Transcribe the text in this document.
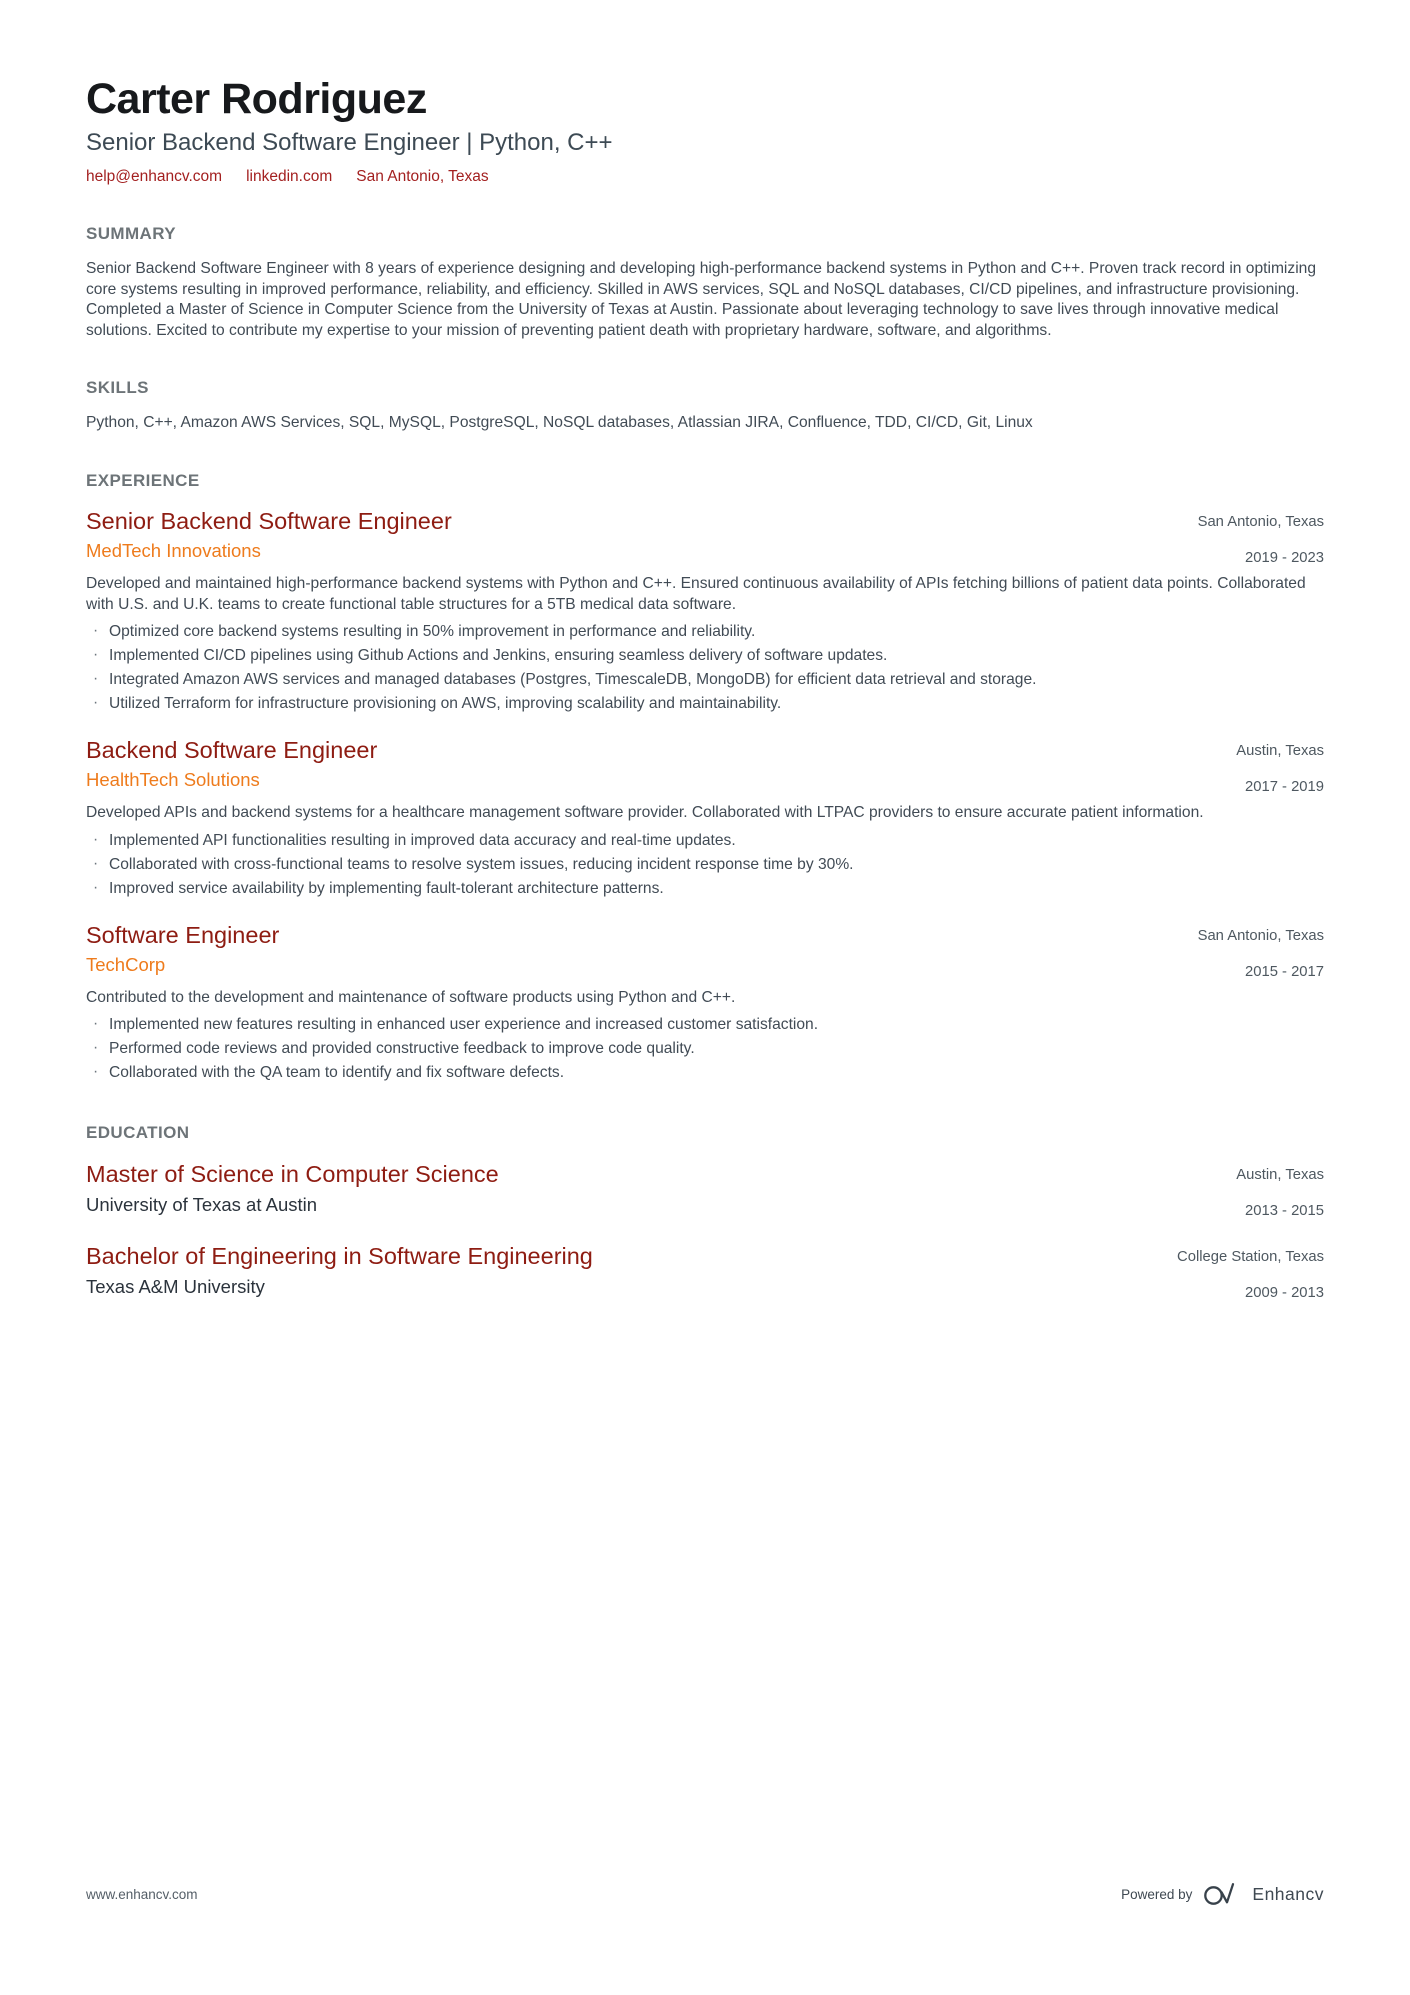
Carter Rodriguez
Senior Backend Software Engineer | Python, C++
help@enhancv.com linkedin.com San Antonio, Texas
SUMMARY

Senior Backend Software Engineer with 8 years of experience designing and developing high-performance backend systems in Python and C++. Proven track record in optimizing core systems resulting in improved performance, reliability, and efficiency. Skilled in AWS services, SQL and NoSQL databases, CI/CD pipelines, and infrastructure provisioning. Completed a Master of Science in Computer Science from the University of Texas at Austin. Passionate about leveraging technology to save lives through innovative medical solutions. Excited to contribute my expertise to your mission of preventing patient death with proprietary hardware, software, and algorithms.

SKILLS

Python, C++, Amazon AWS Services, SQL, MySQL, PostgreSQL, NoSQL databases, Atlassian JIRA, Confluence, TDD, CI/CD, Git, Linux

EXPERIENCE
Senior Backend Software Engineer
MedTech Innovations
San Antonio, Texas
2019 - 2023

Developed and maintained high-performance backend systems with Python and C++. Ensured continuous availability of APIs fetching billions of patient data points. Collaborated with U.S. and U.K. teams to create functional table structures for a 5TB medical data software.

· Optimized core backend systems resulting in 50% improvement in performance and reliability.
· Implemented CI/CD pipelines using Github Actions and Jenkins, ensuring seamless delivery of software updates.
· Integrated Amazon AWS services and managed databases (Postgres, TimescaleDB, MongoDB) for efficient data retrieval and storage.
· Utilized Terraform for infrastructure provisioning on AWS, improving scalability and maintainability.
Backend Software Engineer
HealthTech Solutions
Austin, Texas
2017 - 2019

Developed APIs and backend systems for a healthcare management software provider. Collaborated with LTPAC providers to ensure accurate patient information.

· Implemented API functionalities resulting in improved data accuracy and real-time updates.
· Collaborated with cross-functional teams to resolve system issues, reducing incident response time by 30%.
· Improved service availability by implementing fault-tolerant architecture patterns.
Software Engineer
TechCorp
San Antonio, Texas
2015 - 2017

Contributed to the development and maintenance of software products using Python and C++.

· Implemented new features resulting in enhanced user experience and increased customer satisfaction.
· Performed code reviews and provided constructive feedback to improve code quality.
· Collaborated with the QA team to identify and fix software defects.
EDUCATION
Master of Science in Computer Science
University of Texas at Austin
Austin, Texas
2013 - 2015
Bachelor of Engineering in Software Engineering
Texas A&M University
College Station, Texas
2009 - 2013
www.enhancv.com	Powered by	Enhancv
